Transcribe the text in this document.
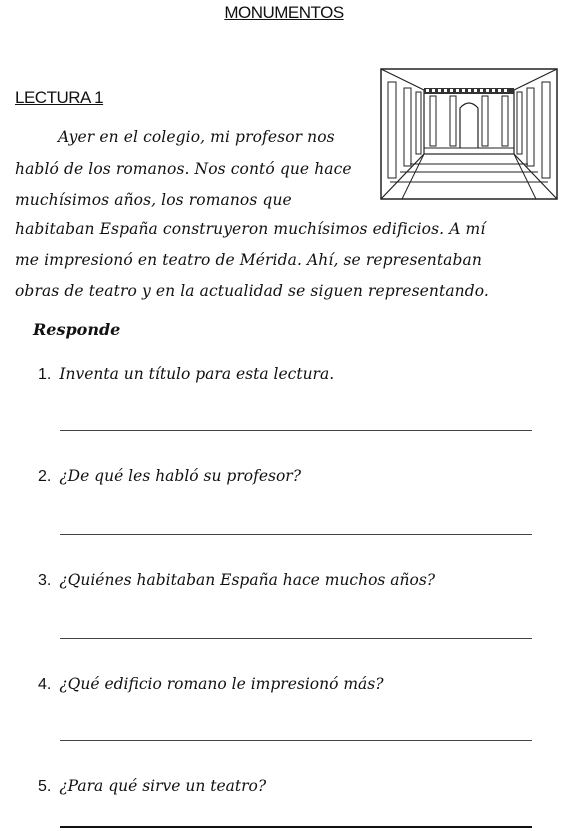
MONUMENTOS
LECTURA 1
Ayer en el colegio, mi profesor nos
habló de los romanos. Nos contó que hace
muchísimos años, los romanos que
habitaban España construyeron muchísimos edificios. A mí
me impresionó en teatro de Mérida. Ahí, se representaban
obras de teatro y en la actualidad se siguen representando.
Responde
1. Inventa un título para esta lectura.
2. ¿De qué les habló su profesor?
3. ¿Quiénes habitaban España hace muchos años?
4. ¿Qué edificio romano le impresionó más?
5. ¿Para qué sirve un teatro?
